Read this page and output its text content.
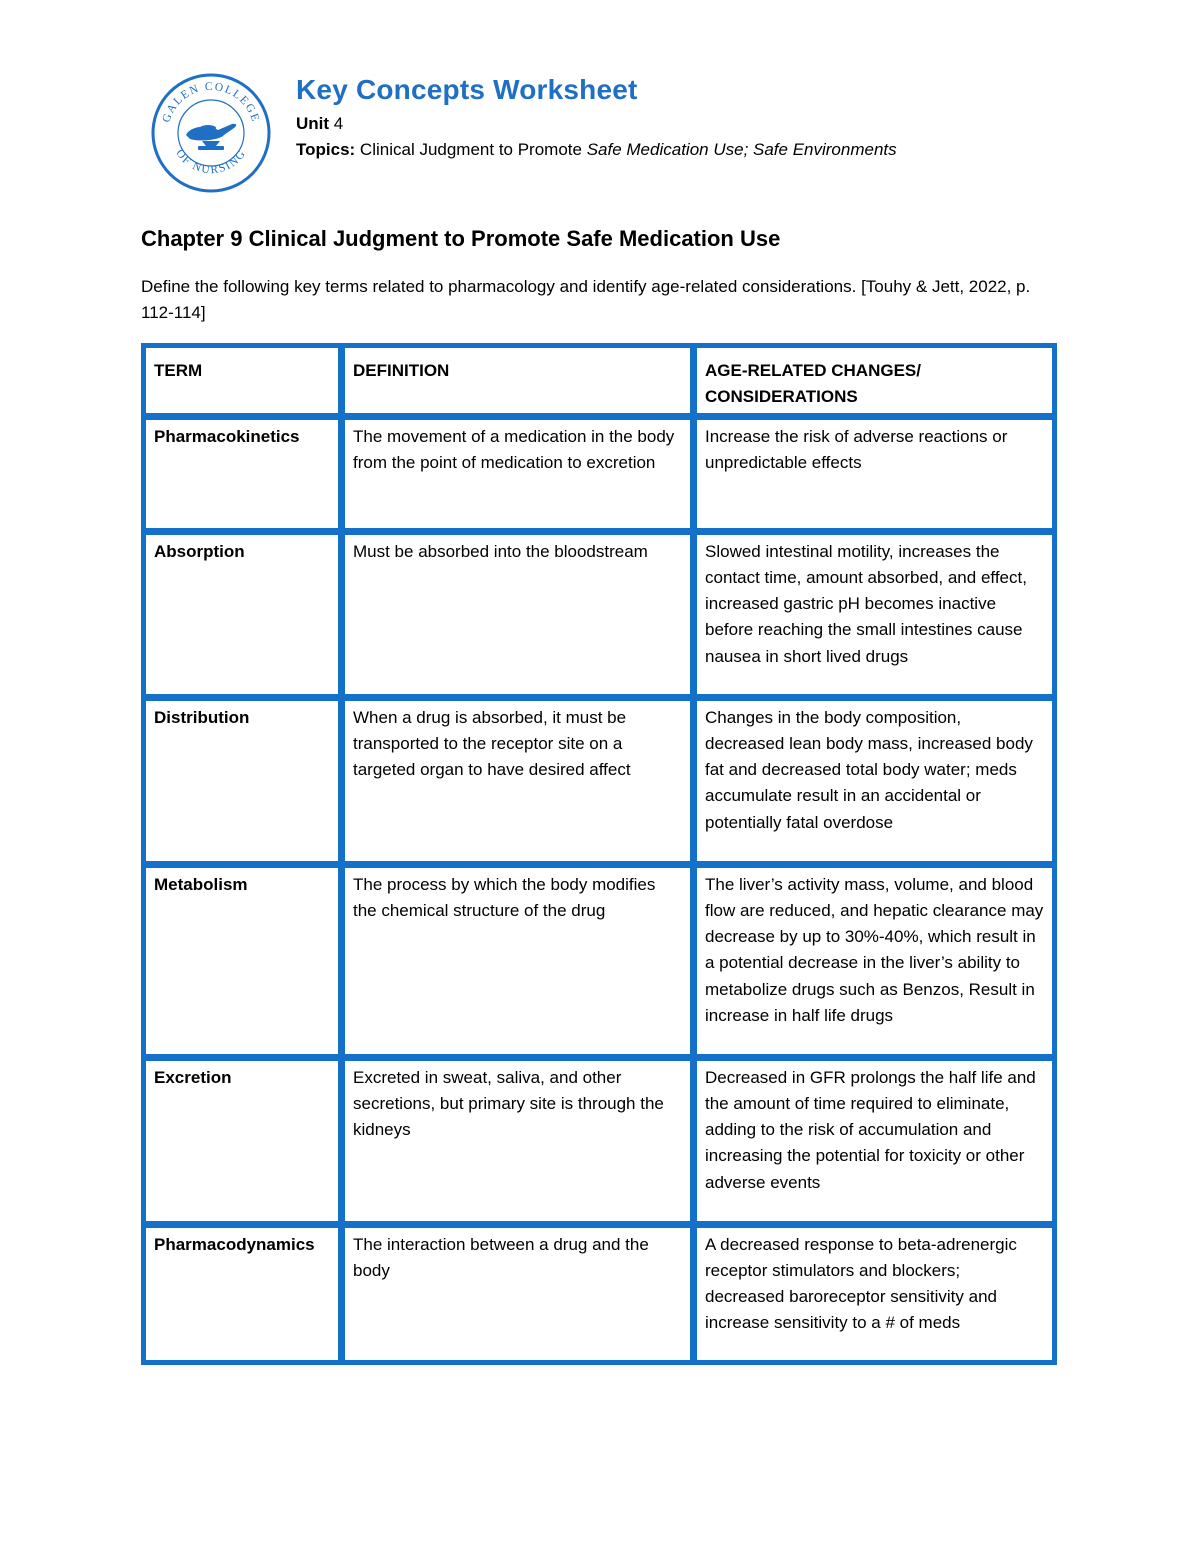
GALEN COLLEGE
OF NURSING
Key Concepts Worksheet
Unit 4
Topics: Clinical Judgment to Promote Safe Medication Use; Safe Environments
Chapter 9 Clinical Judgment to Promote Safe Medication Use
Define the following key terms related to pharmacology and identify age-related considerations. [Touhy & Jett, 2022, p. 112-114]
TERM	DEFINITION	AGE-RELATED CHANGES/ CONSIDERATIONS
Pharmacokinetics	The movement of a medication in the body from the point of medication to excretion	Increase the risk of adverse reactions or unpredictable effects
Absorption	Must be absorbed into the bloodstream	Slowed intestinal motility, increases the contact time, amount absorbed, and effect, increased gastric pH becomes inactive before reaching the small intestines cause nausea in short lived drugs
Distribution	When a drug is absorbed, it must be transported to the receptor site on a targeted organ to have desired affect	Changes in the body composition, decreased lean body mass, increased body fat and decreased total body water; meds accumulate result in an accidental or potentially fatal overdose
Metabolism	The process by which the body modifies the chemical structure of the drug	The liver’s activity mass, volume, and blood flow are reduced, and hepatic clearance may decrease by up to 30%-40%, which result in a potential decrease in the liver’s ability to metabolize drugs such as Benzos, Result in increase in half life drugs
Excretion	Excreted in sweat, saliva, and other secretions, but primary site is through the kidneys	Decreased in GFR prolongs the half life and the amount of time required to eliminate, adding to the risk of accumulation and increasing the potential for toxicity or other adverse events
Pharmacodynamics	The interaction between a drug and the body	A decreased response to beta-adrenergic receptor stimulators and blockers; decreased baroreceptor sensitivity and increase sensitivity to a # of meds
